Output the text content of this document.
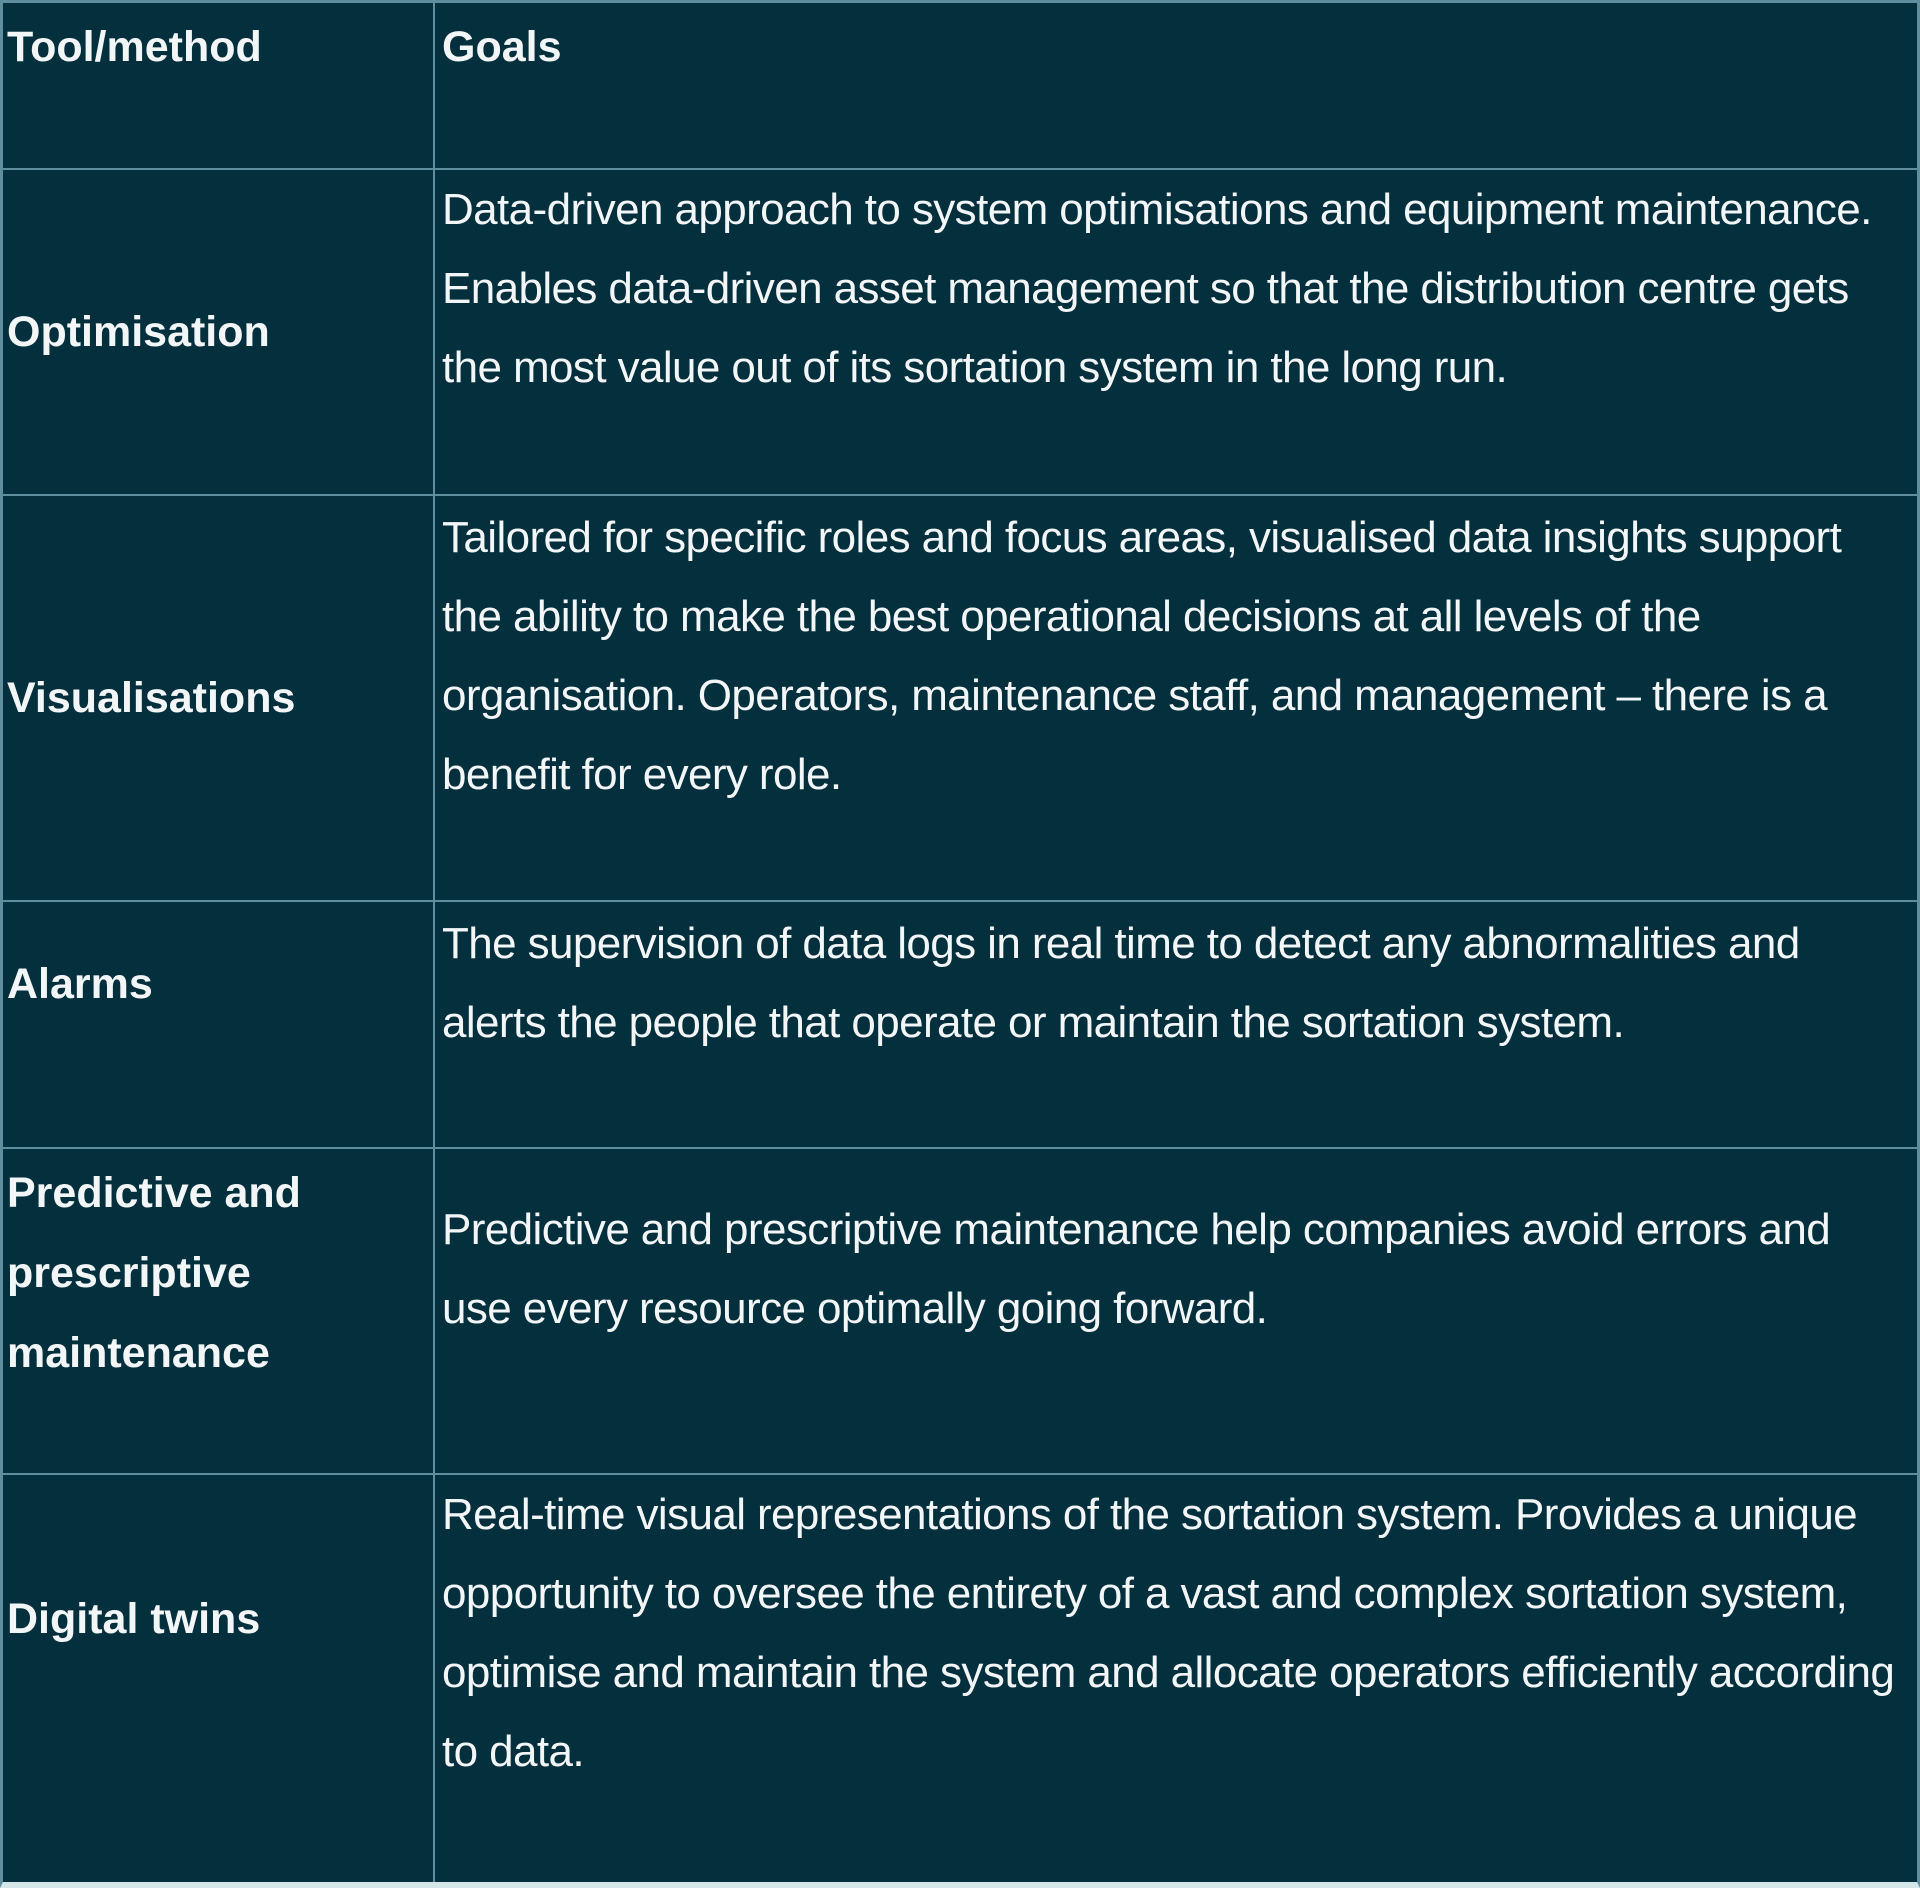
Tool/method	Goals
Optimisation
Data-driven approach to system optimisations and equipment maintenance. Enables data-driven asset management so that the distribution centre gets the most value out of its sortation system in the long run.
Visualisations
Tailored for specific roles and focus areas, visualised data insights support the ability to make the best operational decisions at all levels of the organisation. Operators, maintenance staff, and management – there is a benefit for every role.
Alarms
The supervision of data logs in real time to detect any abnormalities and alerts the people that operate or maintain the sortation system.
Predictive and prescriptive maintenance
Predictive and prescriptive maintenance help companies avoid errors and use every resource optimally going forward.
Digital twins
Real-time visual representations of the sortation system. Provides a unique opportunity to oversee the entirety of a vast and complex sortation system, optimise and maintain the system and allocate operators efficiently according to data.
